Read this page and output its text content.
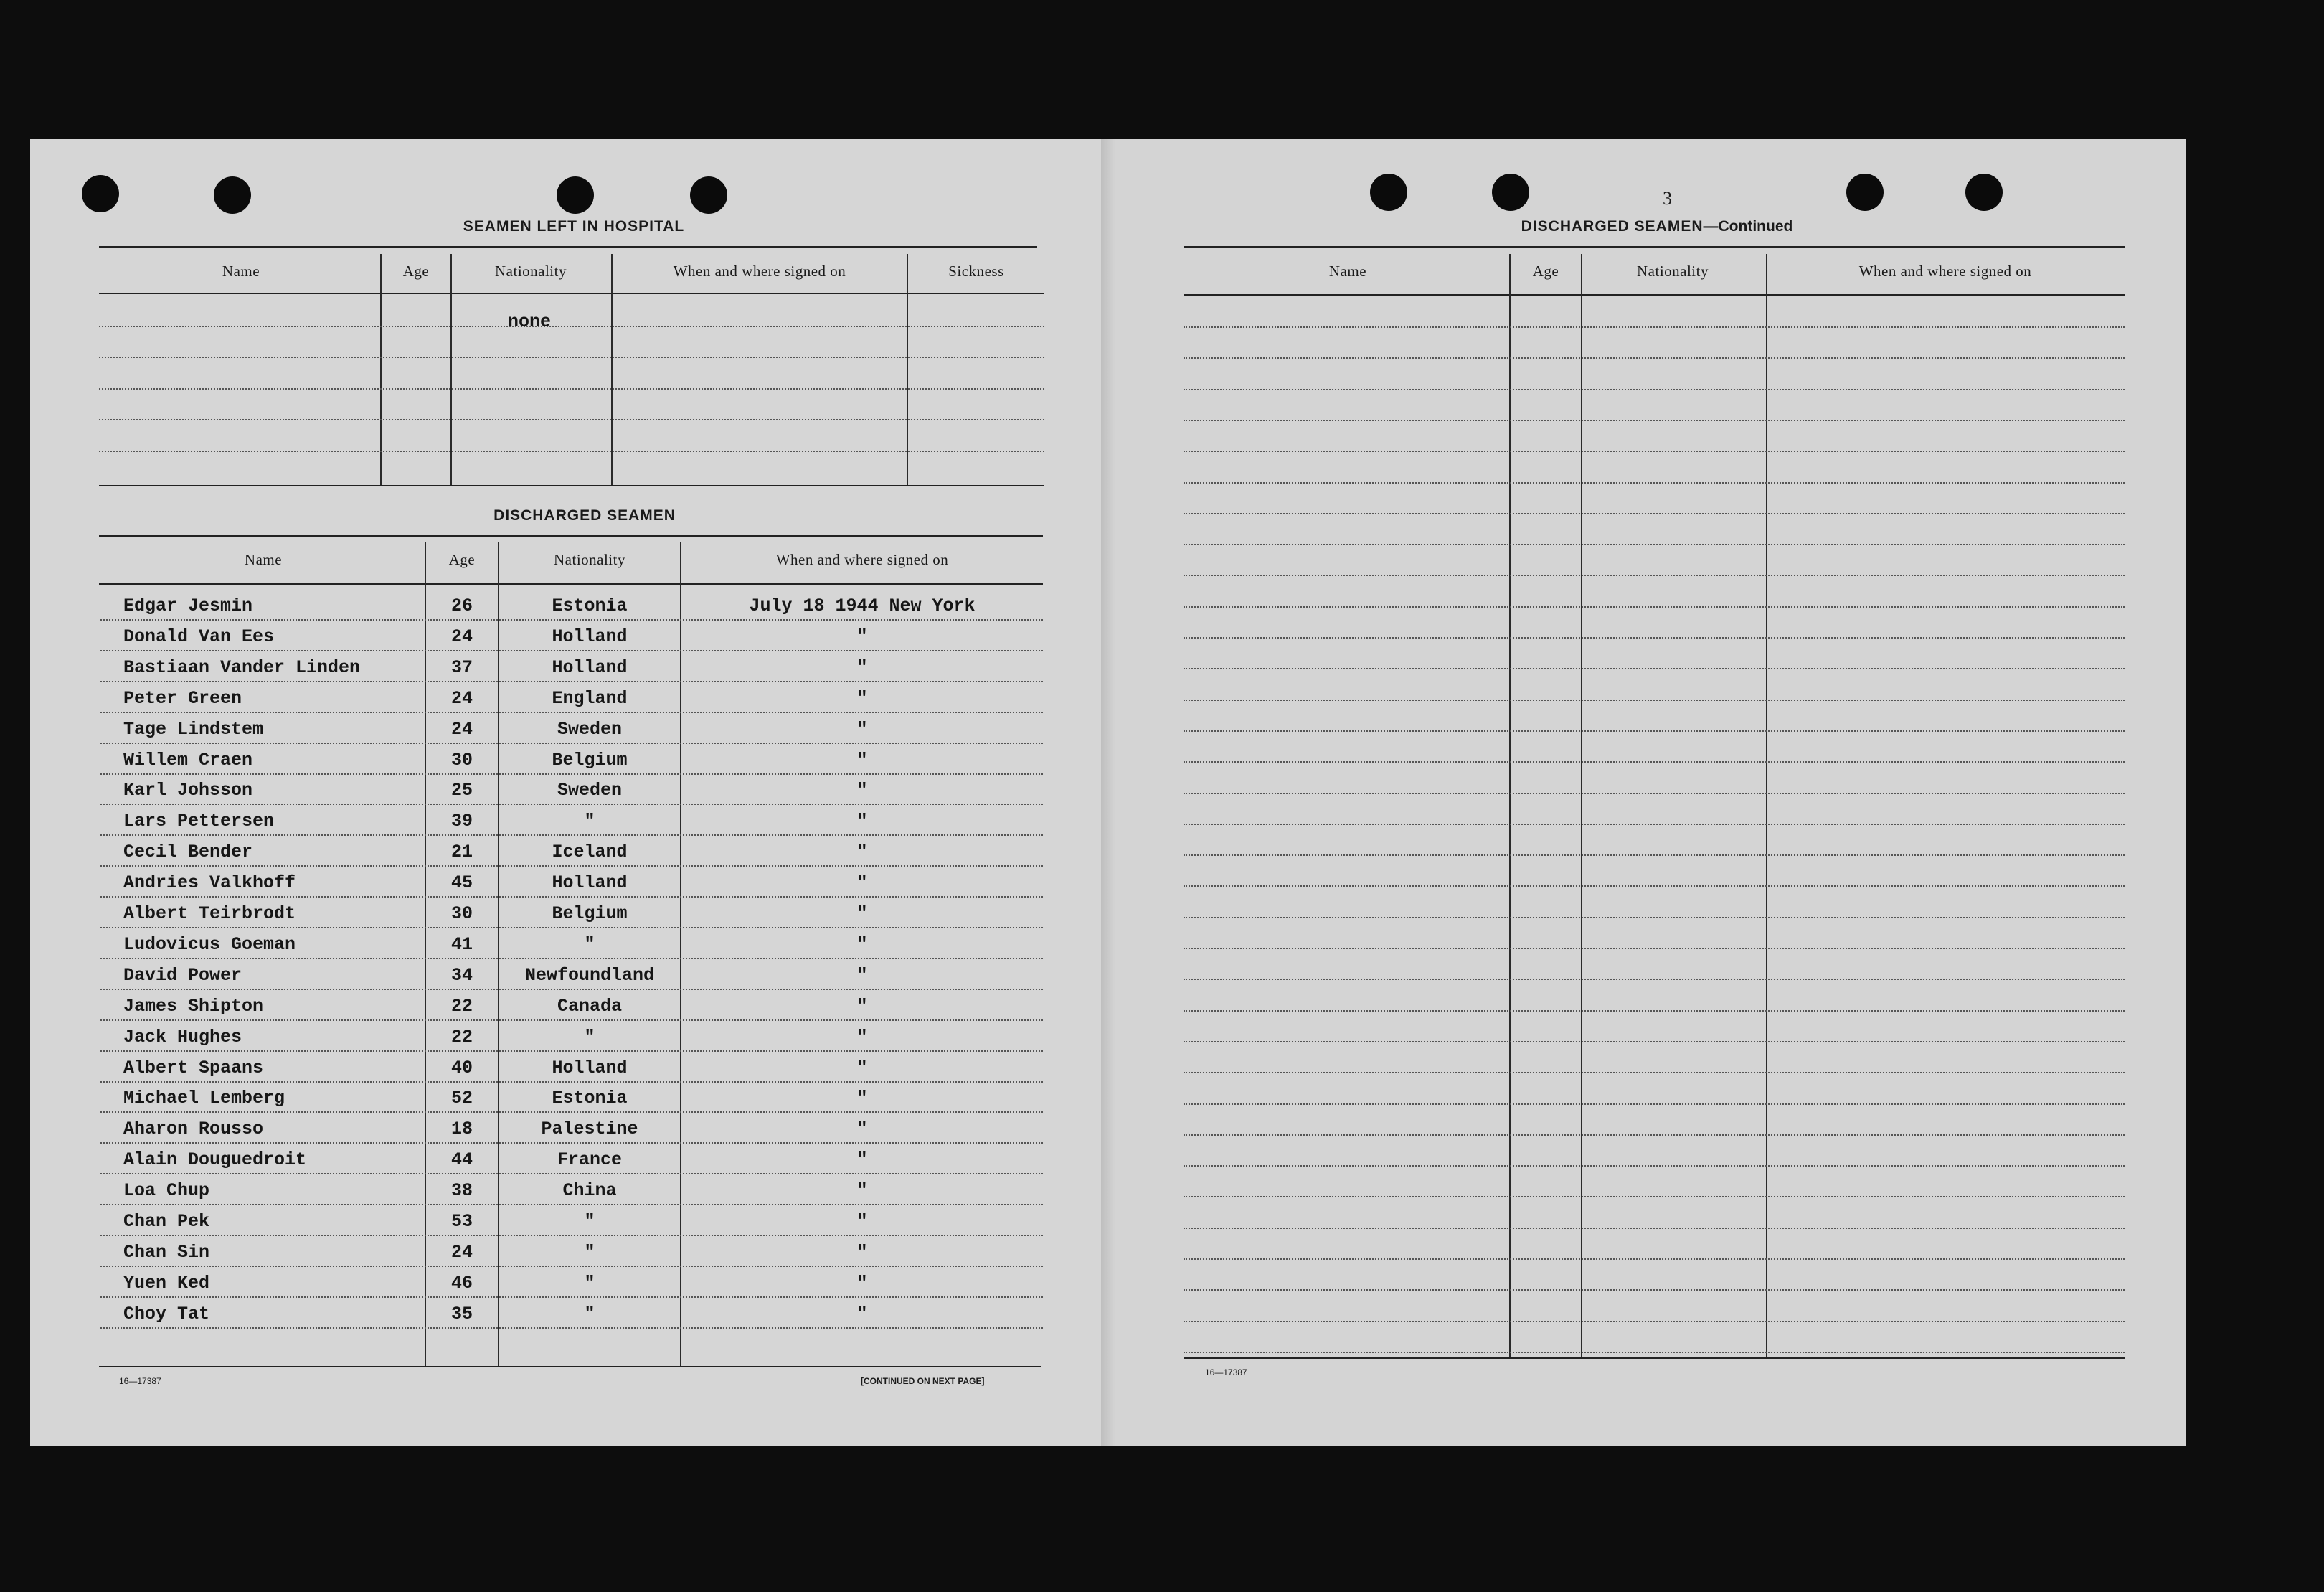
SEAMEN LEFT IN HOSPITAL
Name	Age	Nationality	When and where signed on	Sickness
none
DISCHARGED SEAMEN
Name	Age	Nationality	When and where signed on
Edgar Jesmin	26	Estonia	July 18 1944 New York
Donald Van Ees	24	Holland	"
Bastiaan Vander Linden	37	Holland	"
Peter Green	24	England	"
Tage Lindstem	24	Sweden	"
Willem Craen	30	Belgium	"
Karl Johsson	25	Sweden	"
Lars Pettersen	39	"	"
Cecil Bender	21	Iceland	"
Andries Valkhoff	45	Holland	"
Albert Teirbrodt	30	Belgium	"
Ludovicus Goeman	41	"	"
David Power	34	Newfoundland	"
James Shipton	22	Canada	"
Jack Hughes	22	"	"
Albert Spaans	40	Holland	"
Michael Lemberg	52	Estonia	"
Aharon Rousso	18	Palestine	"
Alain Douguedroit	44	France	"
Loa Chup	38	China	"
Chan Pek	53	"	"
Chan Sin	24	"	"
Yuen Ked	46	"	"
Choy Tat	35	"	"
16—17387	[CONTINUED ON NEXT PAGE]
3
DISCHARGED SEAMEN—Continued
Name	Age	Nationality	When and where signed on
16—17387
